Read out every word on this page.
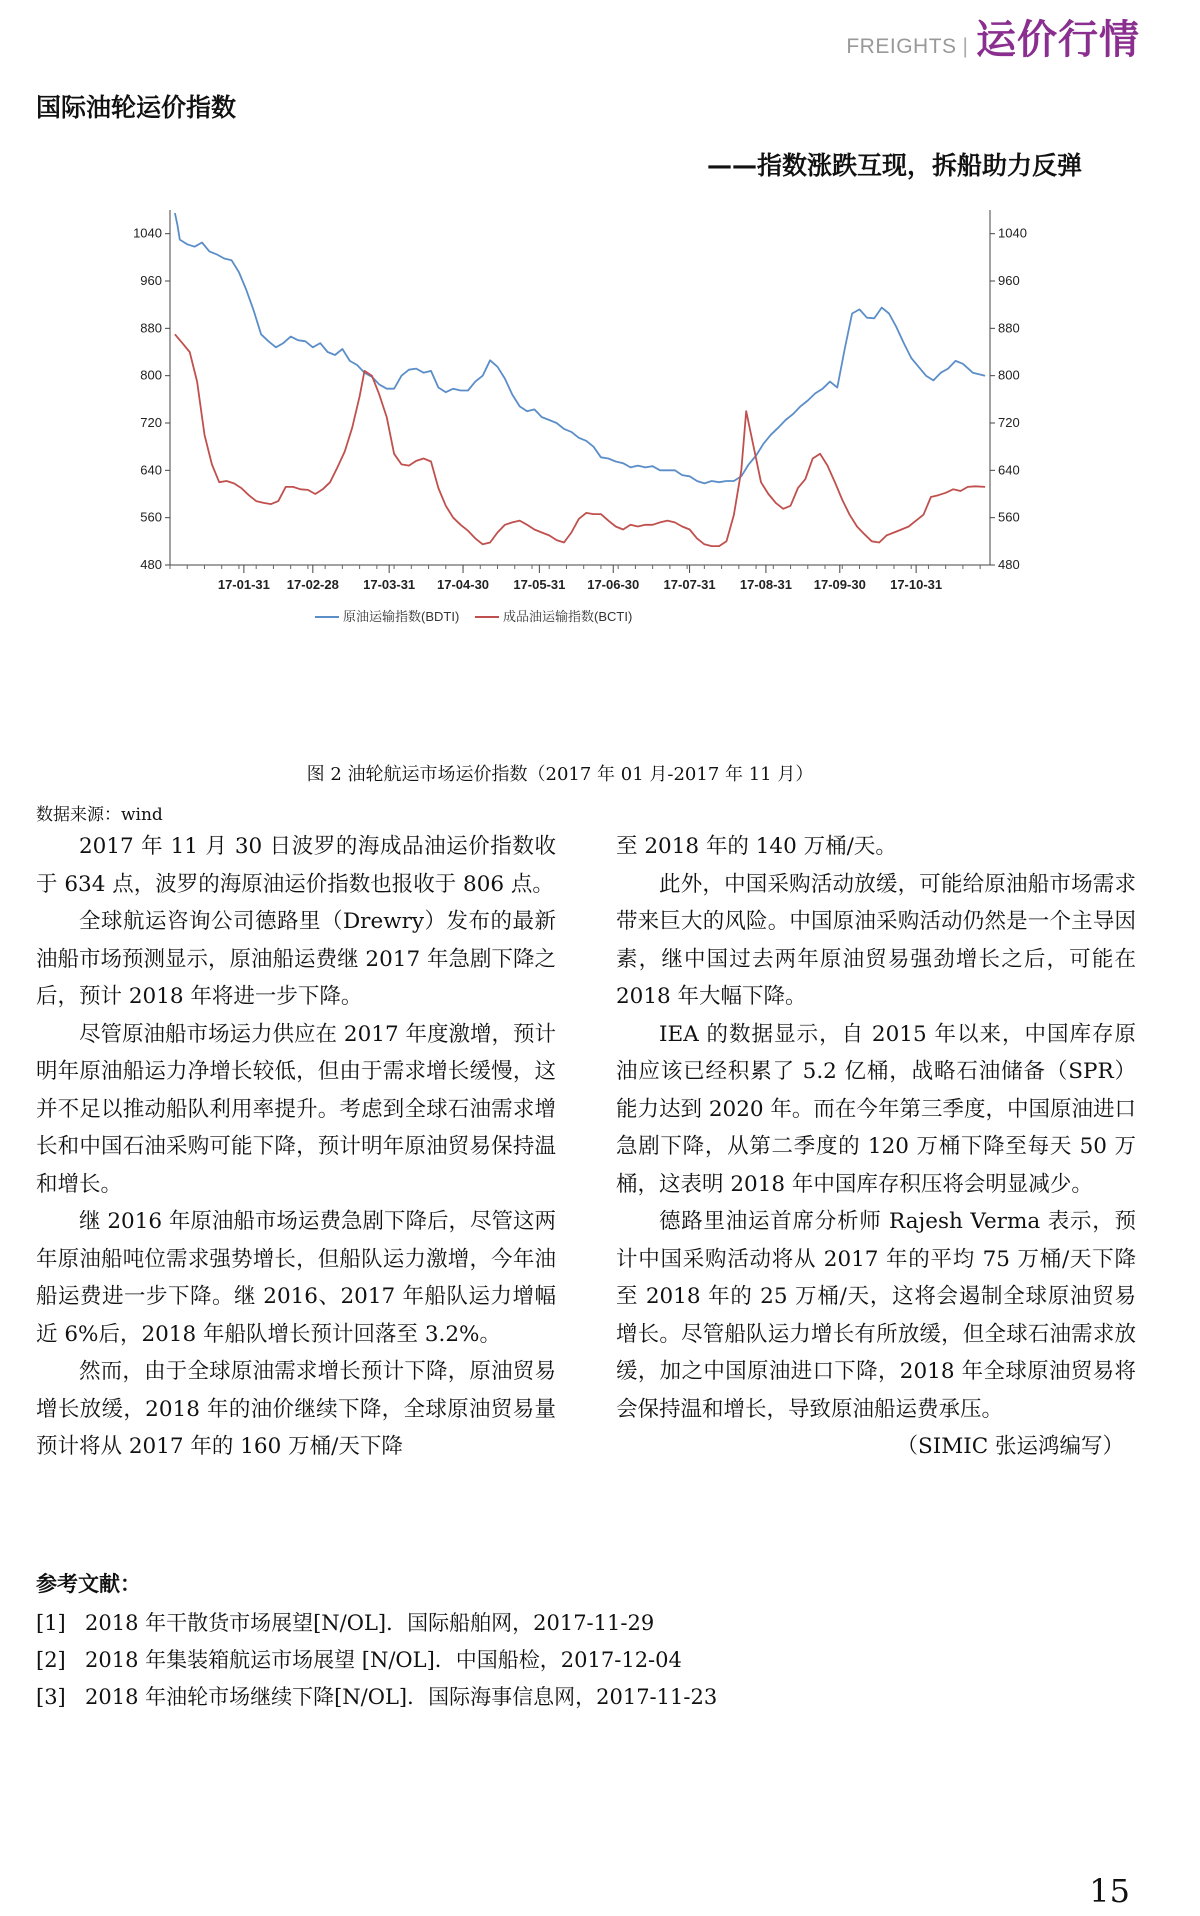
FREIGHTS | 运价行情
国际油轮运价指数
——指数涨跌互现，拆船助力反弹
480	480
560	560
640	640
720	720
800	800
880	880
960	960
1040	1040
17-01-31 17-02-28 17-03-31 17-04-30 17-05-31 17-06-30 17-07-31 17-08-31 17-09-30 17-10-31
原油运输指数(BDTI)	成品油运输指数(BCTI)
图 2 油轮航运市场运价指数（2017 年 01 月-2017 年 11 月）
数据来源：wind

2017 年 11 月 30 日波罗的海成品油运价指数收于 634 点，波罗的海原油运价指数也报收于 806 点。

全球航运咨询公司德路里（Drewry）发布的最新油船市场预测显示，原油船运费继 2017 年急剧下降之后，预计 2018 年将进一步下降。

尽管原油船市场运力供应在 2017 年度激增，预计明年原油船运力净增长较低，但由于需求增长缓慢，这并不足以推动船队利用率提升。考虑到全球石油需求增长和中国石油采购可能下降，预计明年原油贸易保持温和增长。

继 2016 年原油船市场运费急剧下降后，尽管这两年原油船吨位需求强势增长，但船队运力激增，今年油船运费进一步下降。继 2016、2017 年船队运力增幅近 6%后，2018 年船队增长预计回落至 3.2%。

然而，由于全球原油需求增长预计下降，原油贸易增长放缓，2018 年的油价继续下降，全球原油贸易量预计将从 2017 年的 160 万桶/天下降

至 2018 年的 140 万桶/天。

此外，中国采购活动放缓，可能给原油船市场需求带来巨大的风险。中国原油采购活动仍然是一个主导因素，继中国过去两年原油贸易强劲增长之后，可能在 2018 年大幅下降。

IEA 的数据显示，自 2015 年以来，中国库存原油应该已经积累了 5.2 亿桶，战略石油储备（SPR）能力达到 2020 年。而在今年第三季度，中国原油进口急剧下降，从第二季度的 120 万桶下降至每天 50 万桶，这表明 2018 年中国库存积压将会明显减少。

德路里油运首席分析师 Rajesh Verma 表示，预计中国采购活动将从 2017 年的平均 75 万桶/天下降至 2018 年的 25 万桶/天，这将会遏制全球原油贸易增长。尽管船队运力增长有所放缓，但全球石油需求放缓，加之中国原油进口下降，2018 年全球原油贸易将会保持温和增长，导致原油船运费承压。

（SIMIC 张运鸿编写）

参考文献：
[1] 2018 年干散货市场展望[N/OL]．国际船舶网，2017-11-29
[2] 2018 年集装箱航运市场展望 [N/OL]．中国船检，2017-12-04
[3] 2018 年油轮市场继续下降[N/OL]．国际海事信息网，2017-11-23
15
